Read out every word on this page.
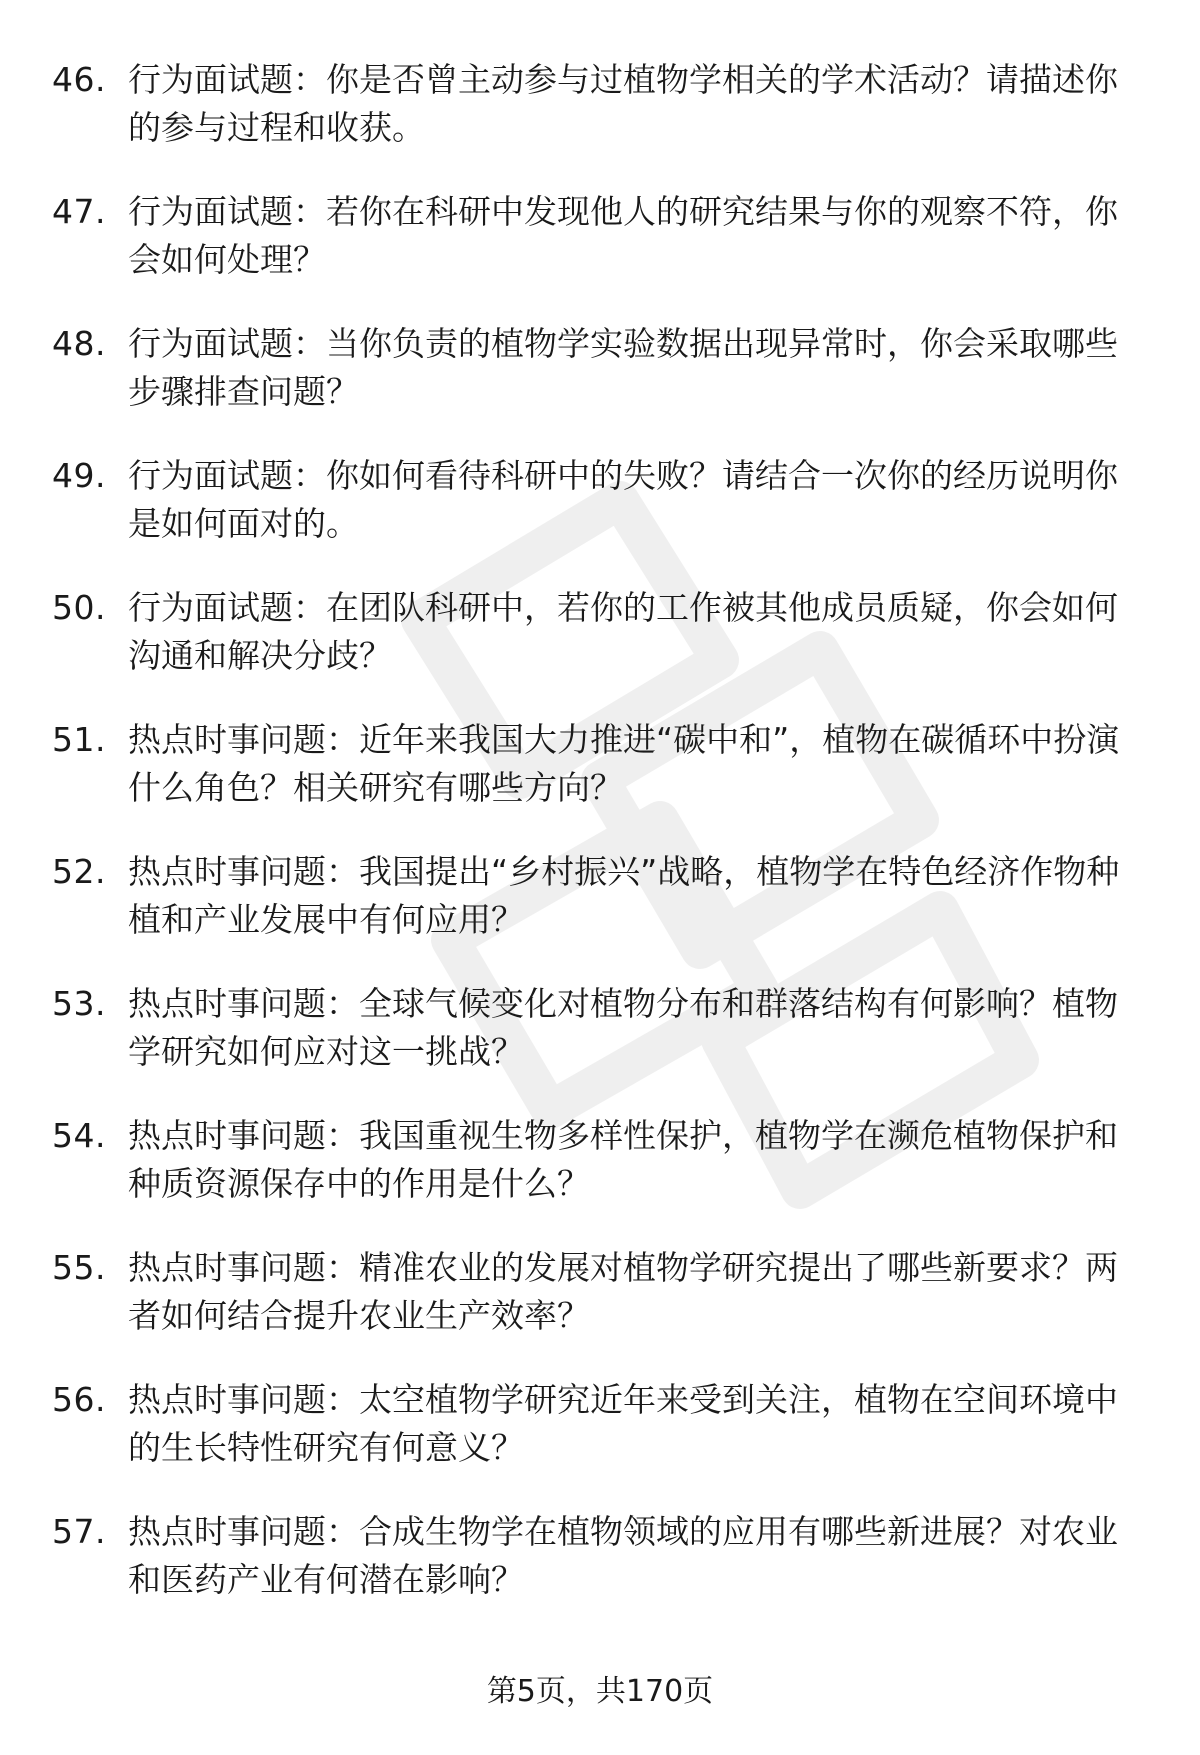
46. 行为面试题：你是否曾主动参与过植物学相关的学术活动？请描述你的参与过程和收获。
47. 行为面试题：若你在科研中发现他人的研究结果与你的观察不符，你会如何处理？
48. 行为面试题：当你负责的植物学实验数据出现异常时，你会采取哪些步骤排查问题？
49. 行为面试题：你如何看待科研中的失败？请结合一次你的经历说明你是如何面对的。
50. 行为面试题：在团队科研中，若你的工作被其他成员质疑，你会如何沟通和解决分歧？
51. 热点时事问题：近年来我国大力推进“碳中和”，植物在碳循环中扮演什么角色？相关研究有哪些方向？
52. 热点时事问题：我国提出“乡村振兴”战略，植物学在特色经济作物种植和产业发展中有何应用？
53. 热点时事问题：全球气候变化对植物分布和群落结构有何影响？植物学研究如何应对这一挑战？
54. 热点时事问题：我国重视生物多样性保护，植物学在濒危植物保护和种质资源保存中的作用是什么？
55. 热点时事问题：精准农业的发展对植物学研究提出了哪些新要求？两者如何结合提升农业生产效率？
56. 热点时事问题：太空植物学研究近年来受到关注，植物在空间环境中的生长特性研究有何意义？
57. 热点时事问题：合成生物学在植物领域的应用有哪些新进展？对农业和医药产业有何潜在影响？
第5页，共170页
